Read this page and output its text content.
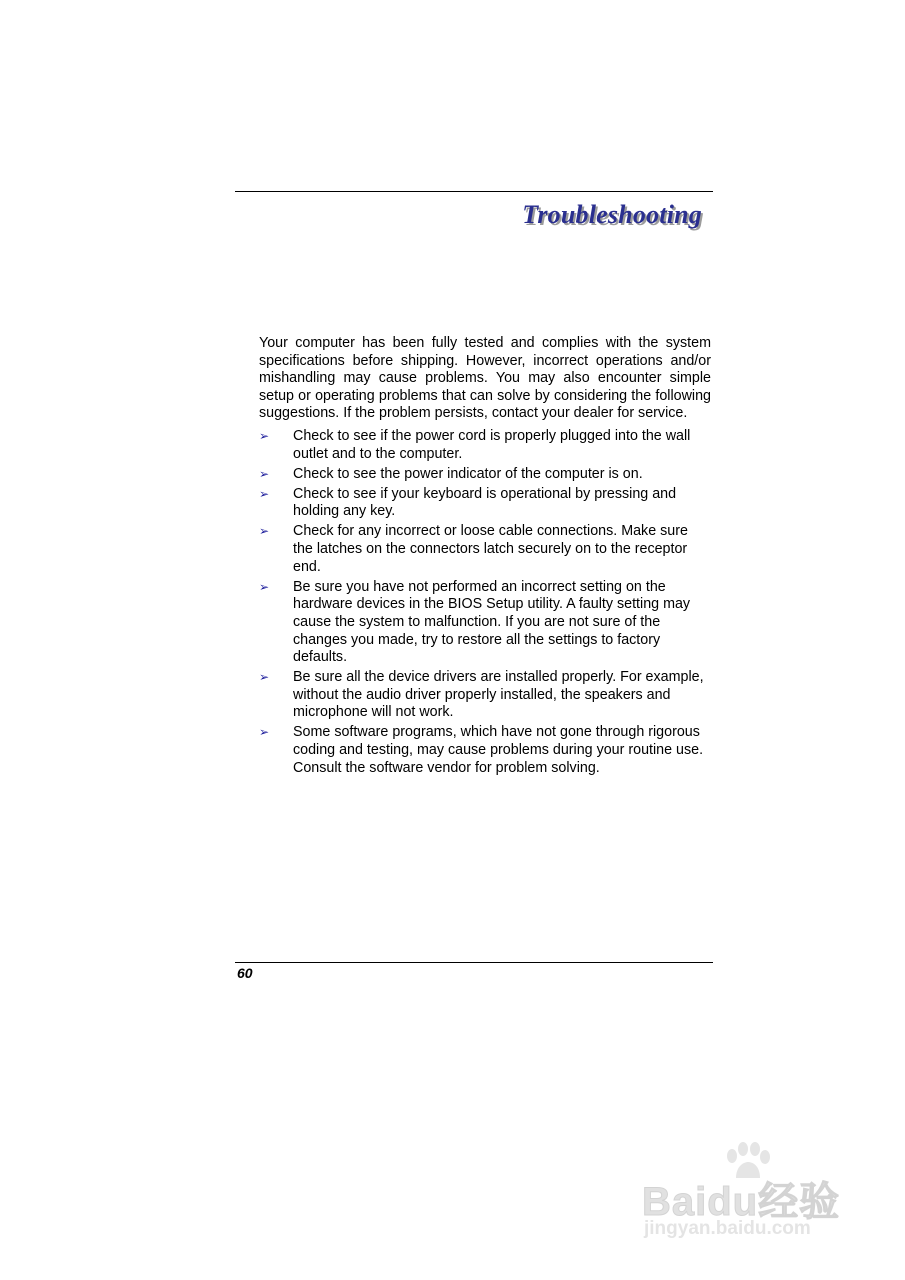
Troubleshooting

Your computer has been fully tested and complies with the system specifications before shipping. However, incorrect operations and/or mishandling may cause problems. You may also encounter simple setup or operating problems that can solve by considering the following suggestions. If the problem persists, contact your dealer for service.

➢ Check to see if the power cord is properly plugged into the wall outlet and to the computer.
➢ Check to see the power indicator of the computer is on.
➢ Check to see if your keyboard is operational by pressing and holding any key.
➢ Check for any incorrect or loose cable connections. Make sure the latches on the connectors latch securely on to the receptor end.
➢ Be sure you have not performed an incorrect setting on the hardware devices in the BIOS Setup utility. A faulty setting may cause the system to malfunction. If you are not sure of the changes you made, try to restore all the settings to factory defaults.
➢ Be sure all the device drivers are installed properly. For example, without the audio driver properly installed, the speakers and microphone will not work.
➢ Some software programs, which have not gone through rigorous coding and testing, may cause problems during your routine use. Consult the software vendor for problem solving.
60
Baidu经验
jingyan.baidu.com
